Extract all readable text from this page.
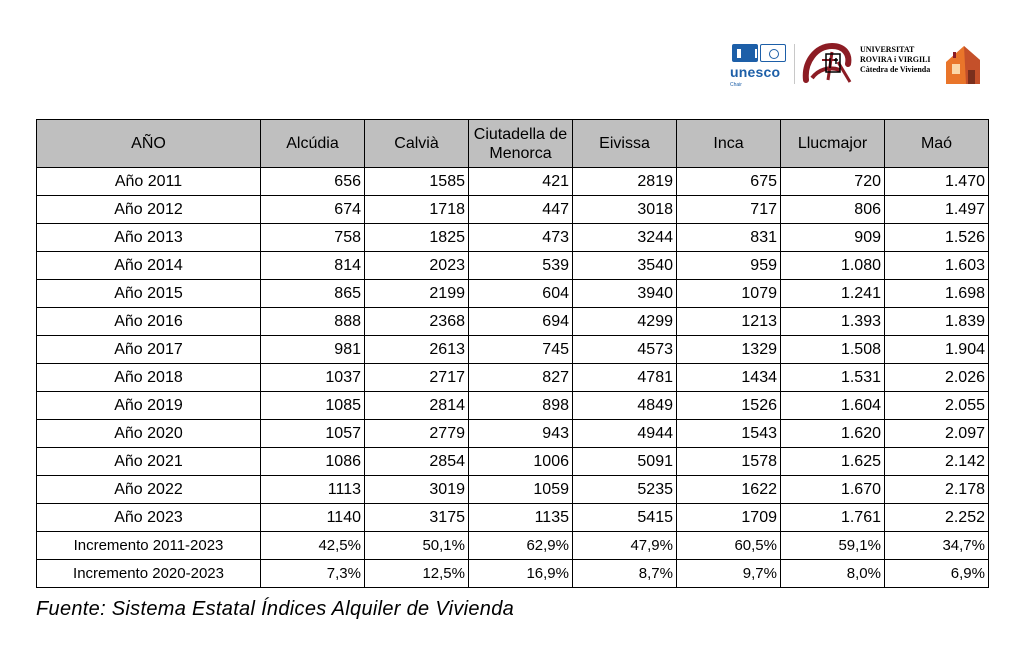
unesco
Chair
UNIVERSITAT
ROVIRA i VIRGILI
Càtedra de Vivienda
AÑO	Alcúdia	Calvià	Ciutadella de Menorca	Eivissa	Inca	Llucmajor	Maó
Año 2011	656	1585	421	2819	675	720	1.470
Año 2012	674	1718	447	3018	717	806	1.497
Año 2013	758	1825	473	3244	831	909	1.526
Año 2014	814	2023	539	3540	959	1.080	1.603
Año 2015	865	2199	604	3940	1079	1.241	1.698
Año 2016	888	2368	694	4299	1213	1.393	1.839
Año 2017	981	2613	745	4573	1329	1.508	1.904
Año 2018	1037	2717	827	4781	1434	1.531	2.026
Año 2019	1085	2814	898	4849	1526	1.604	2.055
Año 2020	1057	2779	943	4944	1543	1.620	2.097
Año 2021	1086	2854	1006	5091	1578	1.625	2.142
Año 2022	1113	3019	1059	5235	1622	1.670	2.178
Año 2023	1140	3175	1135	5415	1709	1.761	2.252
Incremento 2011-2023	42,5%	50,1%	62,9%	47,9%	60,5%	59,1%	34,7%
Incremento 2020-2023	7,3%	12,5%	16,9%	8,7%	9,7%	8,0%	6,9%
Fuente: Sistema Estatal Índices Alquiler de Vivienda
